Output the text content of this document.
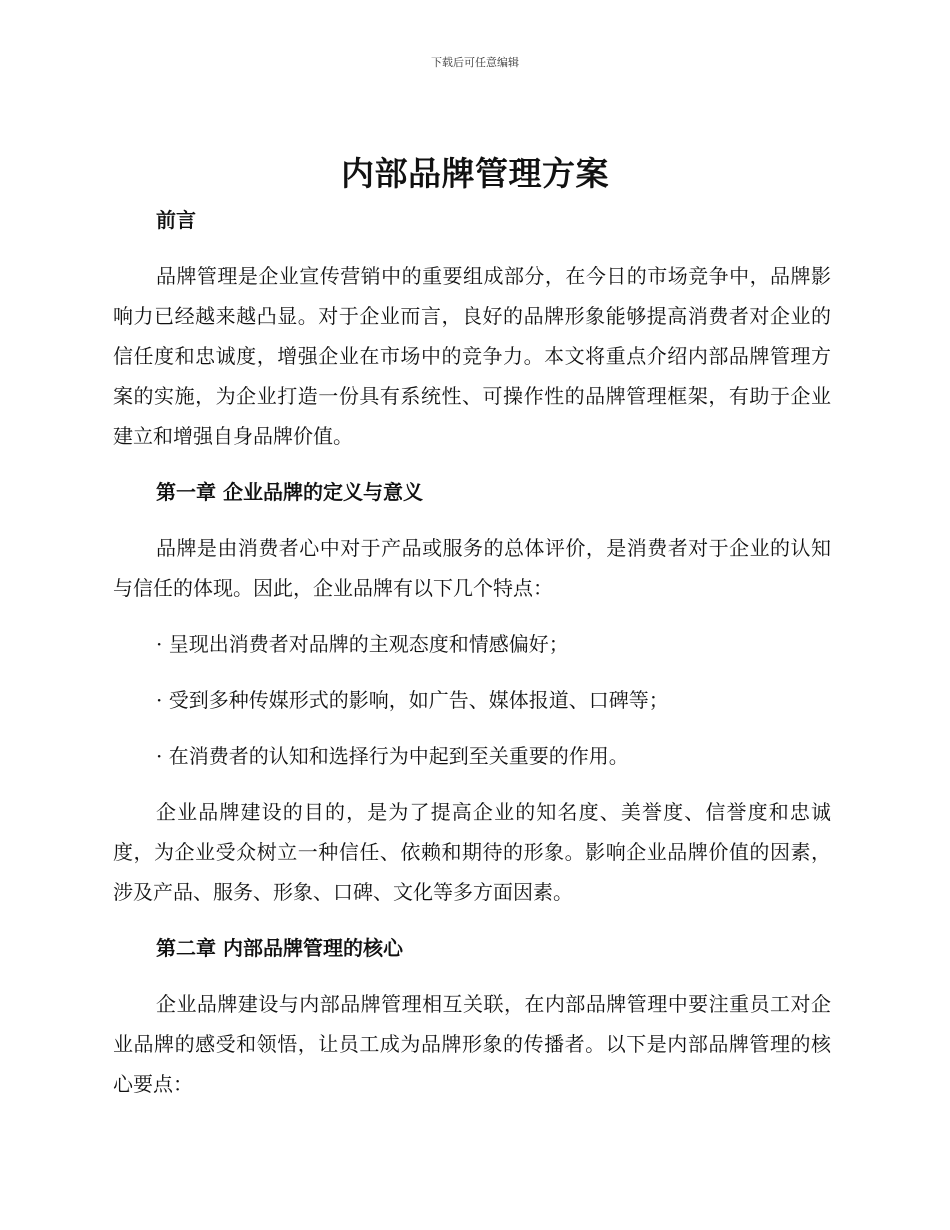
下载后可任意编辑
内部品牌管理方案

前言

品牌管理是企业宣传营销中的重要组成部分，在今日的市场竞争中，品牌影响力已经越来越凸显。对于企业而言，良好的品牌形象能够提高消费者对企业的信任度和忠诚度，增强企业在市场中的竞争力。本文将重点介绍内部品牌管理方案的实施，为企业打造一份具有系统性、可操作性的品牌管理框架，有助于企业建立和增强自身品牌价值。

第一章 企业品牌的定义与意义

品牌是由消费者心中对于产品或服务的总体评价，是消费者对于企业的认知与信任的体现。因此，企业品牌有以下几个特点：

· 呈现出消费者对品牌的主观态度和情感偏好；

· 受到多种传媒形式的影响，如广告、媒体报道、口碑等；

· 在消费者的认知和选择行为中起到至关重要的作用。

企业品牌建设的目的，是为了提高企业的知名度、美誉度、信誉度和忠诚度，为企业受众树立一种信任、依赖和期待的形象。影响企业品牌价值的因素，涉及产品、服务、形象、口碑、文化等多方面因素。

第二章 内部品牌管理的核心

企业品牌建设与内部品牌管理相互关联，在内部品牌管理中要注重员工对企业品牌的感受和领悟，让员工成为品牌形象的传播者。以下是内部品牌管理的核心要点：
